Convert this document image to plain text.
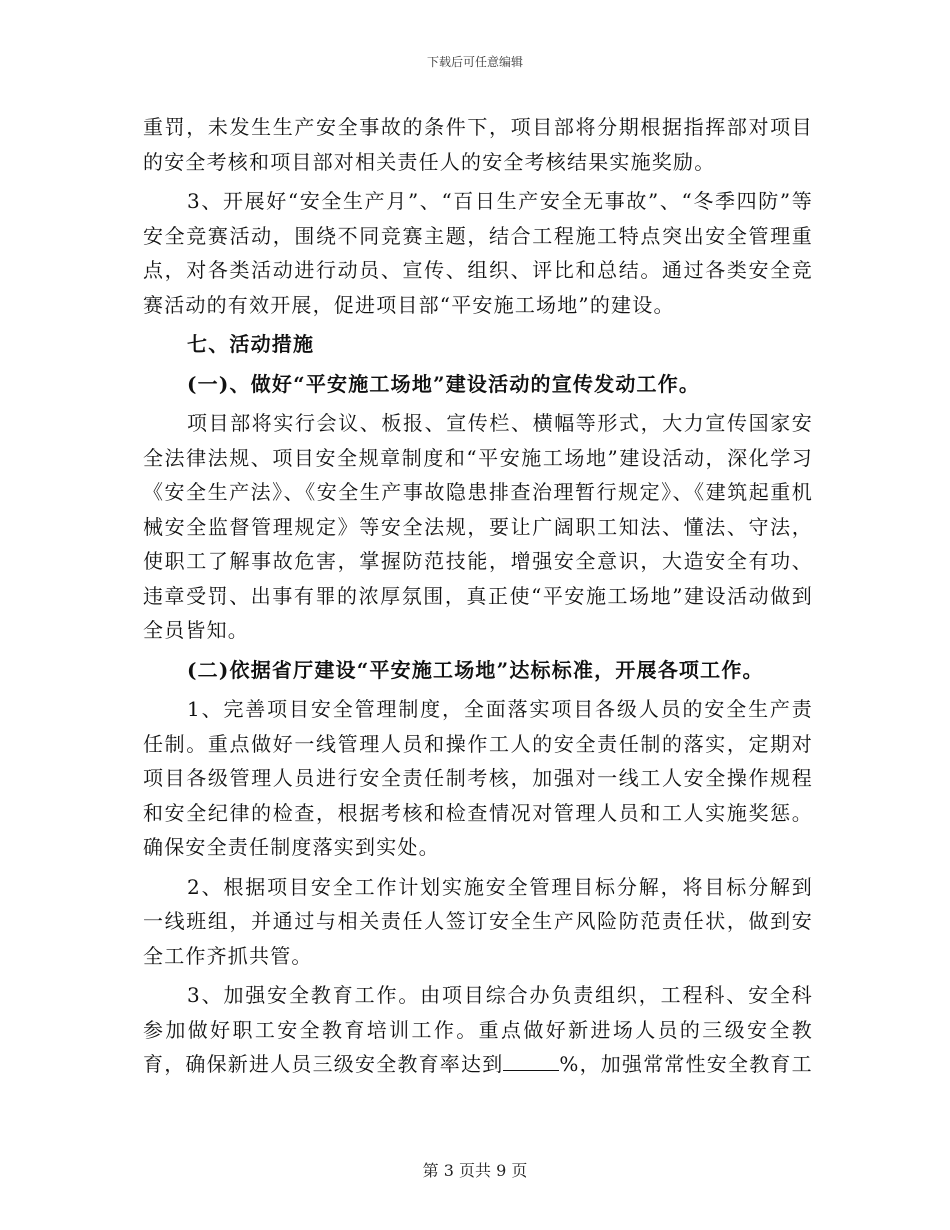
下载后可任意编辑

重罚，未发生生产安全事故的条件下，项目部将分期根据指挥部对项目的安全考核和项目部对相关责任人的安全考核结果实施奖励。

3、开展好“安全生产月”、“百日生产安全无事故”、“冬季四防”等安全竞赛活动，围绕不同竞赛主题，结合工程施工特点突出安全管理重点，对各类活动进行动员、宣传、组织、评比和总结。通过各类安全竞赛活动的有效开展，促进项目部“平安施工场地”的建设。

七、活动措施

(一)、做好“平安施工场地”建设活动的宣传发动工作。

项目部将实行会议、板报、宣传栏、横幅等形式，大力宣传国家安全法律法规、项目安全规章制度和“平安施工场地”建设活动，深化学习《安全生产法》、《安全生产事故隐患排查治理暂行规定》、《建筑起重机械安全监督管理规定》等安全法规，要让广阔职工知法、懂法、守法，使职工了解事故危害，掌握防范技能，增强安全意识，大造安全有功、违章受罚、出事有罪的浓厚氛围，真正使“平安施工场地”建设活动做到全员皆知。

(二)依据省厅建设“平安施工场地”达标标准，开展各项工作。

1、完善项目安全管理制度，全面落实项目各级人员的安全生产责任制。重点做好一线管理人员和操作工人的安全责任制的落实，定期对项目各级管理人员进行安全责任制考核，加强对一线工人安全操作规程和安全纪律的检查，根据考核和检查情况对管理人员和工人实施奖惩。确保安全责任制度落实到实处。

2、根据项目安全工作计划实施安全管理目标分解，将目标分解到一线班组，并通过与相关责任人签订安全生产风险防范责任状，做到安全工作齐抓共管。

3、加强安全教育工作。由项目综合办负责组织，工程科、安全科参加做好职工安全教育培训工作。重点做好新进场人员的三级安全教育，确保新进人员三级安全教育率达到	%，加强常常性安全教育工

第 3 页共 9 页
